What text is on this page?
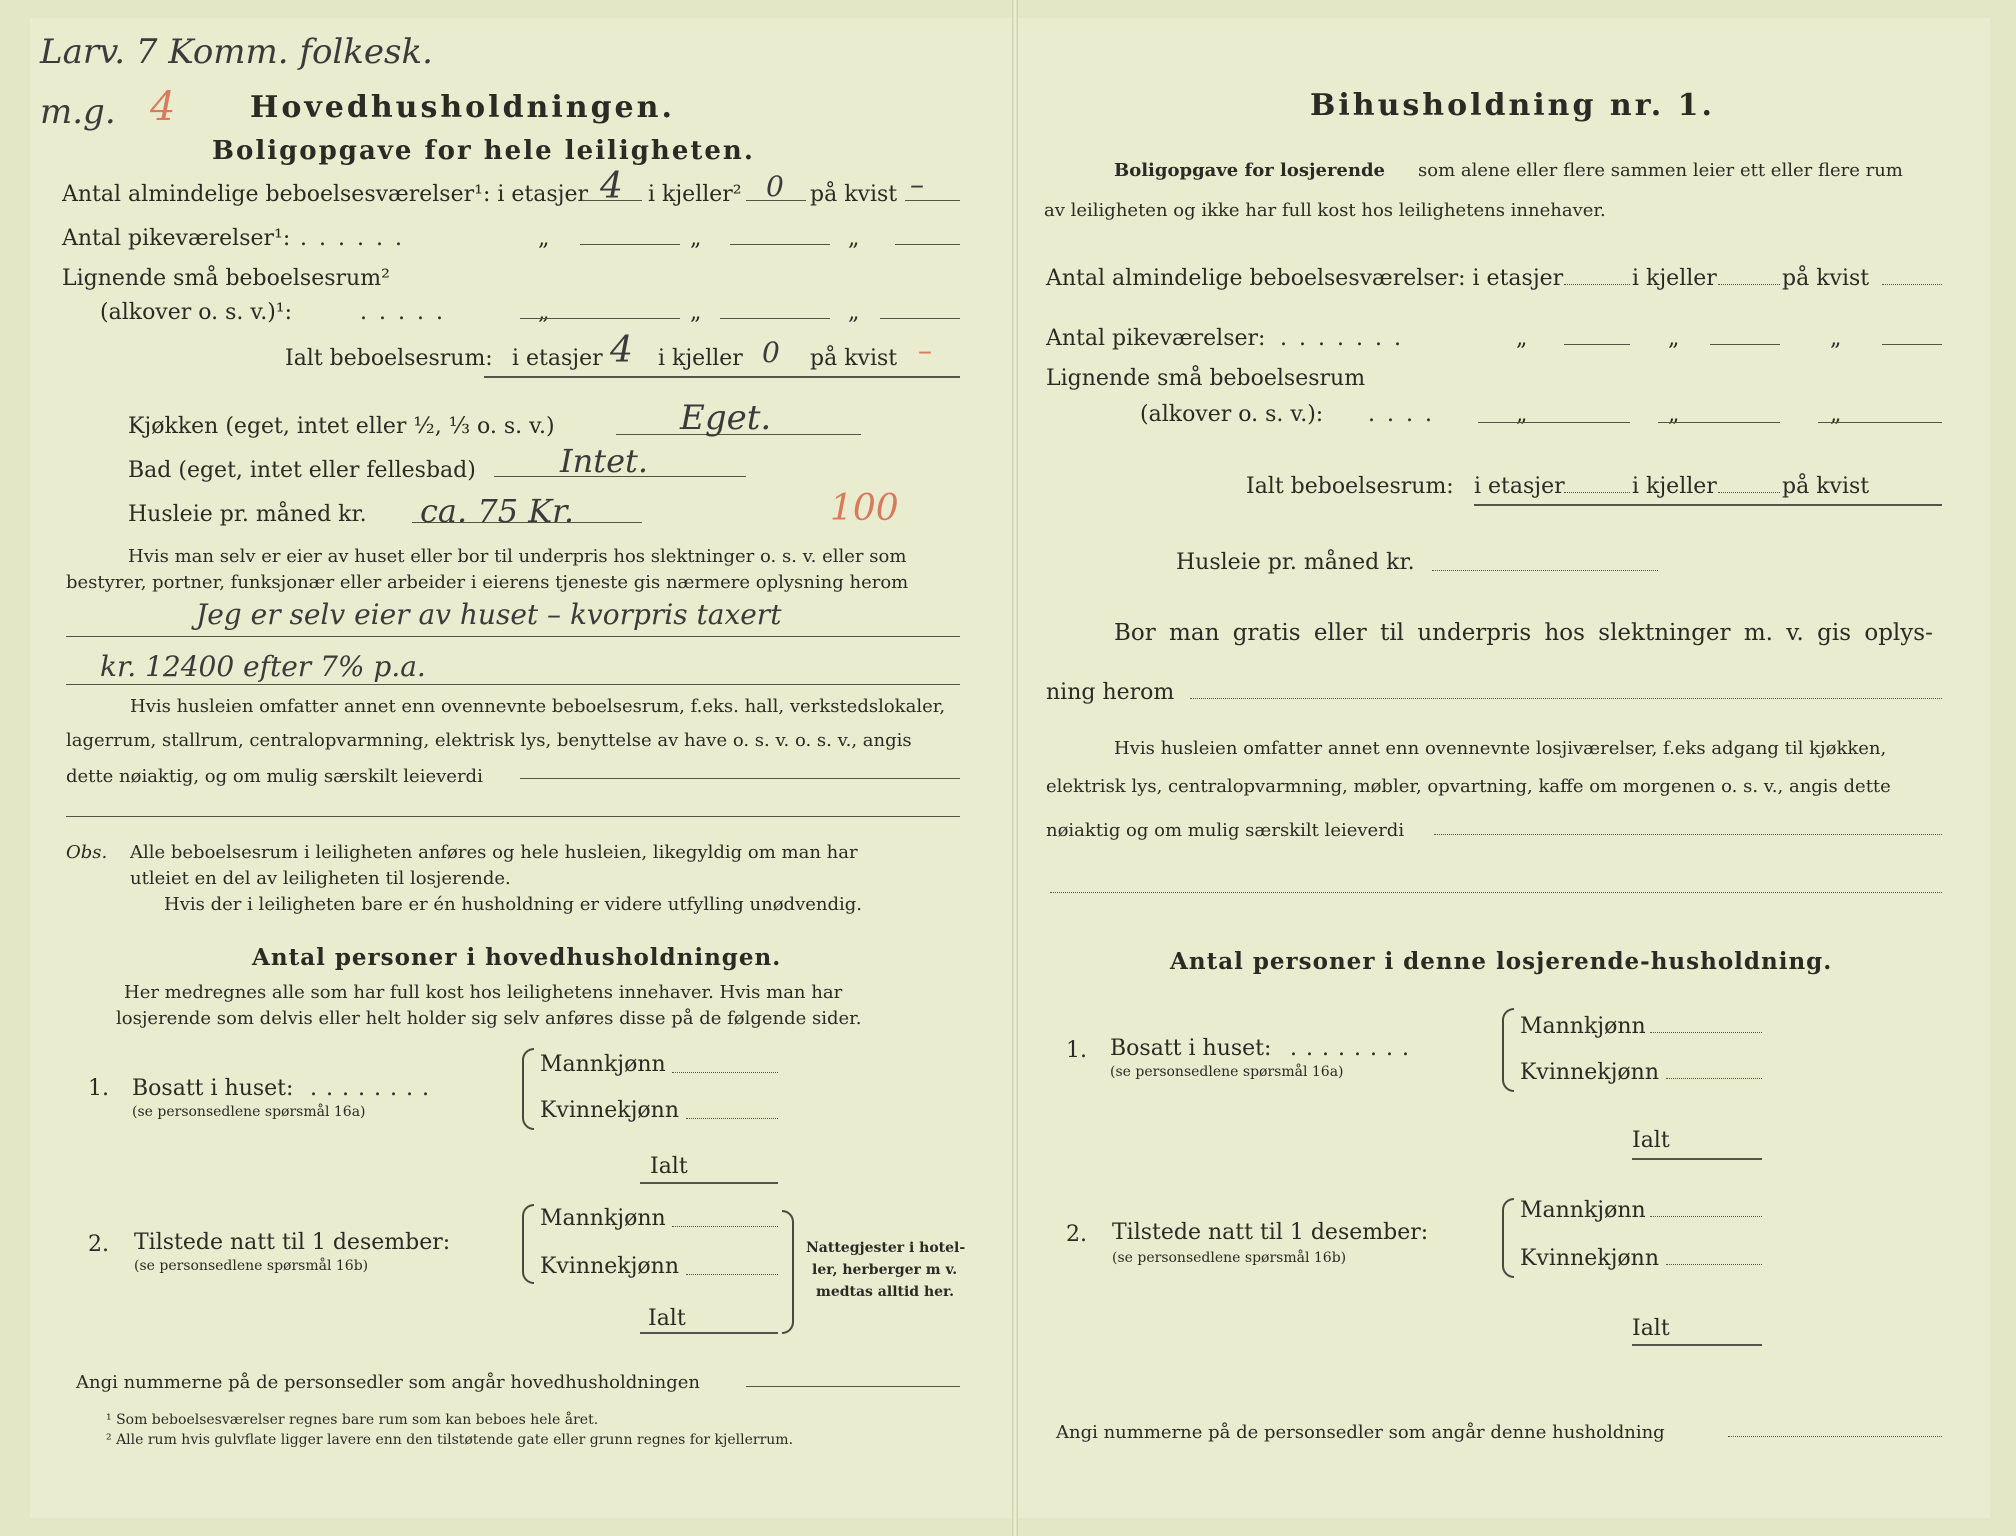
Larv. 7 Komm. folkesk.
m.g. 4 Hovedhusholdningen.
Boligopgave for hele leiligheten.
Antal almindelige beboelsesværelser¹: i etasjer 4 i kjeller² 0 på kvist –
Antal pikeværelser¹: ......	„	„	„
Lignende små beboelsesrum²
(alkover o. s. v.)¹:	.....	„	„	„
Ialt beboelsesrum: i etasjer 4 i kjeller 0 på kvist –
Kjøkken (eget, intet eller ½, ⅓ o. s. v.)	Eget.
Bad (eget, intet eller fellesbad)	Intet.
Husleie pr. måned kr. ca. 75 Kr.	100
Hvis man selv er eier av huset eller bor til underpris hos slektninger o. s. v. eller som
bestyrer, portner, funksjonær eller arbeider i eierens tjeneste gis nærmere oplysning herom
Jeg er selv eier av huset – kvorpris taxert
kr. 12400 efter 7% p.a.
Hvis husleien omfatter annet enn ovennevnte beboelsesrum, f.eks. hall, verkstedslokaler,
lagerrum, stallrum, centralopvarmning, elektrisk lys, benyttelse av have o. s. v. o. s. v., angis
dette nøiaktig, og om mulig særskilt leieverdi
Obs. Alle beboelsesrum i leiligheten anføres og hele husleien, likegyldig om man har
utleiet en del av leiligheten til losjerende.
Hvis der i leiligheten bare er én husholdning er videre utfylling unødvendig.
Antal personer i hovedhusholdningen.
Her medregnes alle som har full kost hos leilighetens innehaver. Hvis man har
losjerende som delvis eller helt holder sig selv anføres disse på de følgende sider.
1. Bosatt i huset: ........
(se personsedlene spørsmål 16a)
Mannkjønn
Kvinnekjønn
Ialt
2. Tilstede natt til 1 desember:
(se personsedlene spørsmål 16b)
Mannkjønn
Kvinnekjønn
Ialt
Nattegjester i hotel-
ler, herberger m v.
medtas alltid her.
Angi nummerne på de personsedler som angår hovedhusholdningen
¹ Som beboelsesværelser regnes bare rum som kan beboes hele året.
² Alle rum hvis gulvflate ligger lavere enn den tilstøtende gate eller grunn regnes for kjellerrum.
Bihusholdning nr. 1.
Boligopgave for losjerende som alene eller flere sammen leier ett eller flere rum
av leiligheten og ikke har full kost hos leilighetens innehaver.
Antal almindelige beboelsesværelser: i etasjer	i kjeller	på kvist
Antal pikeværelser: .......	„	„	„
Lignende små beboelsesrum
(alkover o. s. v.): ....	„	„	„
Ialt beboelsesrum: i etasjer	i kjeller	på kvist
Husleie pr. måned kr.
Bor man gratis eller til underpris hos slektninger m. v. gis oplys-
ning herom
Hvis husleien omfatter annet enn ovennevnte losjiværelser, f.eks adgang til kjøkken,
elektrisk lys, centralopvarmning, møbler, opvartning, kaffe om morgenen o. s. v., angis dette
nøiaktig og om mulig særskilt leieverdi
Antal personer i denne losjerende-husholdning.
1. Bosatt i huset: ........
(se personsedlene spørsmål 16a)
Mannkjønn
Kvinnekjønn
Ialt
2. Tilstede natt til 1 desember:
(se personsedlene spørsmål 16b)
Mannkjønn
Kvinnekjønn
Ialt
Angi nummerne på de personsedler som angår denne husholdning
